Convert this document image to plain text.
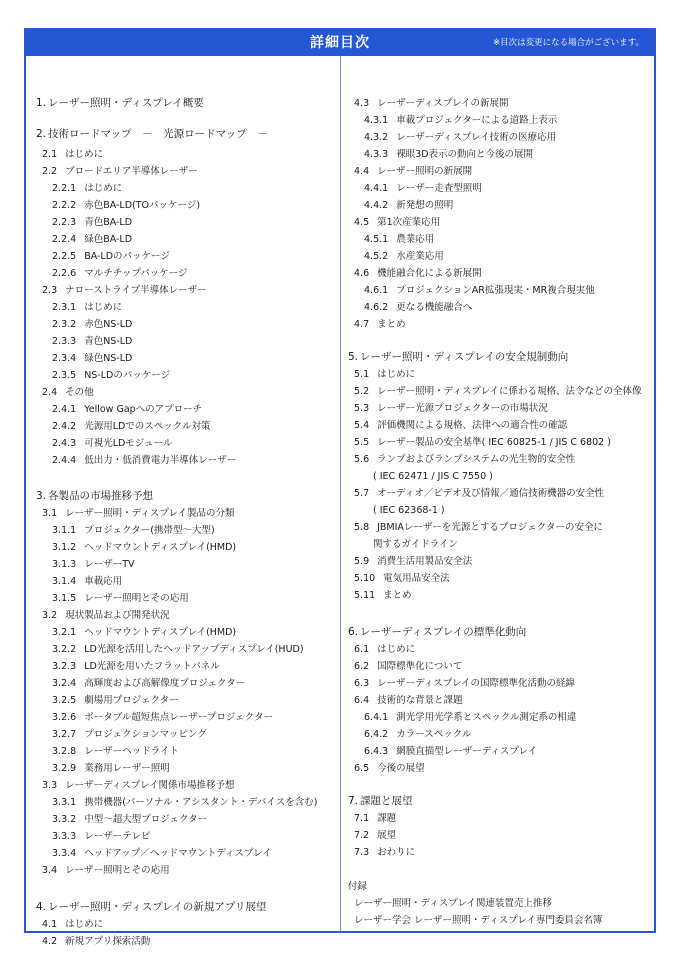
詳細目次	※目次は変更になる場合がございます。
1. レーザー照明・ディスプレイ概要
2. 技術ロードマップ　－　光源ロードマップ　－
2.1 はじめに
2.2 ブロードエリア半導体レーザー
2.2.1 はじめに
2.2.2 赤色BA-LD(TOパッケージ)
2.2.3 青色BA-LD
2.2.4 緑色BA-LD
2.2.5 BA-LDのパッケージ
2.2.6 マルチチップパッケージ
2.3 ナローストライプ半導体レーザー
2.3.1 はじめに
2.3.2 赤色NS-LD
2.3.3 青色NS-LD
2.3.4 緑色NS-LD
2.3.5 NS-LDのパッケージ
2.4 その他
2.4.1 Yellow Gapへのアプローチ
2.4.2 光源用LDでのスペックル対策
2.4.3 可視光LDモジュール
2.4.4 低出力・低消費電力半導体レーザー
3. 各製品の市場推移予想
3.1 レーザー照明・ディスプレイ製品の分類
3.1.1 プロジェクター(携帯型～大型)
3.1.2 ヘッドマウントディスプレイ(HMD)
3.1.3 レーザーTV
3.1.4 車載応用
3.1.5 レーザー照明とその応用
3.2 現状製品および開発状況
3.2.1 ヘッドマウントディスプレイ(HMD)
3.2.2 LD光源を活用したヘッドアップディスプレイ(HUD)
3.2.3 LD光源を用いたフラットパネル
3.2.4 高輝度および高解像度プロジェクター
3.2.5 劇場用プロジェクター
3.2.6 ポータブル超短焦点レーザープロジェクター
3.2.7 プロジェクションマッピング
3.2.8 レーザーヘッドライト
3.2.9 業務用レーザー照明
3.3 レーザーディスプレイ関係市場推移予想
3.3.1 携帯機器(パーソナル・アシスタント・デバイスを含む)
3.3.2 中型～超大型プロジェクター
3.3.3 レーザーテレビ
3.3.4 ヘッドアップ／ヘッドマウントディスプレイ
3.4 レーザー照明とその応用
4. レーザー照明・ディスプレイの新規アプリ展望
4.1 はじめに
4.2 新規アプリ探索活動
4.3 レーザーディスプレイの新展開
4.3.1 車載プロジェクターによる道路上表示
4.3.2 レーザーディスプレイ技術の医療応用
4.3.3 裸眼3D表示の動向と今後の展開
4.4 レーザー照明の新展開
4.4.1 レーザー走査型照明
4.4.2 新発想の照明
4.5 第1次産業応用
4.5.1 農業応用
4.5.2 水産業応用
4.6 機能融合化による新展開
4.6.1 プロジェクションAR拡張現実・MR複合現実他
4.6.2 更なる機能融合へ
4.7 まとめ
5. レーザー照明・ディスプレイの安全規制動向
5.1 はじめに
5.2 レーザー照明・ディスプレイに係わる規格、法令などの全体像
5.3 レーザー光源プロジェクターの市場状況
5.4 評価機関による規格、法律への適合性の確認
5.5 レーザー製品の安全基準( IEC 60825-1 / JIS C 6802 )
5.6 ランプおよびランプシステムの光生物的安全性
　　( IEC 62471 / JIS C 7550 )
5.7 オーディオ／ビデオ及び情報／通信技術機器の安全性
　　( IEC 62368-1 )
5.8 JBMIAレーザーを光源とするプロジェクターの安全に
　　関するガイドライン
5.9 消費生活用製品安全法
5.10 電気用品安全法
5.11 まとめ
6. レーザーディスプレイの標準化動向
6.1 はじめに
6.2 国際標準化について
6.3 レーザーディスプレイの国際標準化活動の経緯
6.4 技術的な背景と課題
6.4.1 測光学用光学系とスペックル測定系の相違
6.4.2 カラースペックル
6.4.3 網膜直描型レーザーディスプレイ
6.5 今後の展望
7. 課題と展望
7.1 課題
7.2 展望
7.3 おわりに
付録
レーザー照明・ディスプレイ関連装置売上推移
レーザー学会 レーザー照明・ディスプレイ専門委員会名簿
